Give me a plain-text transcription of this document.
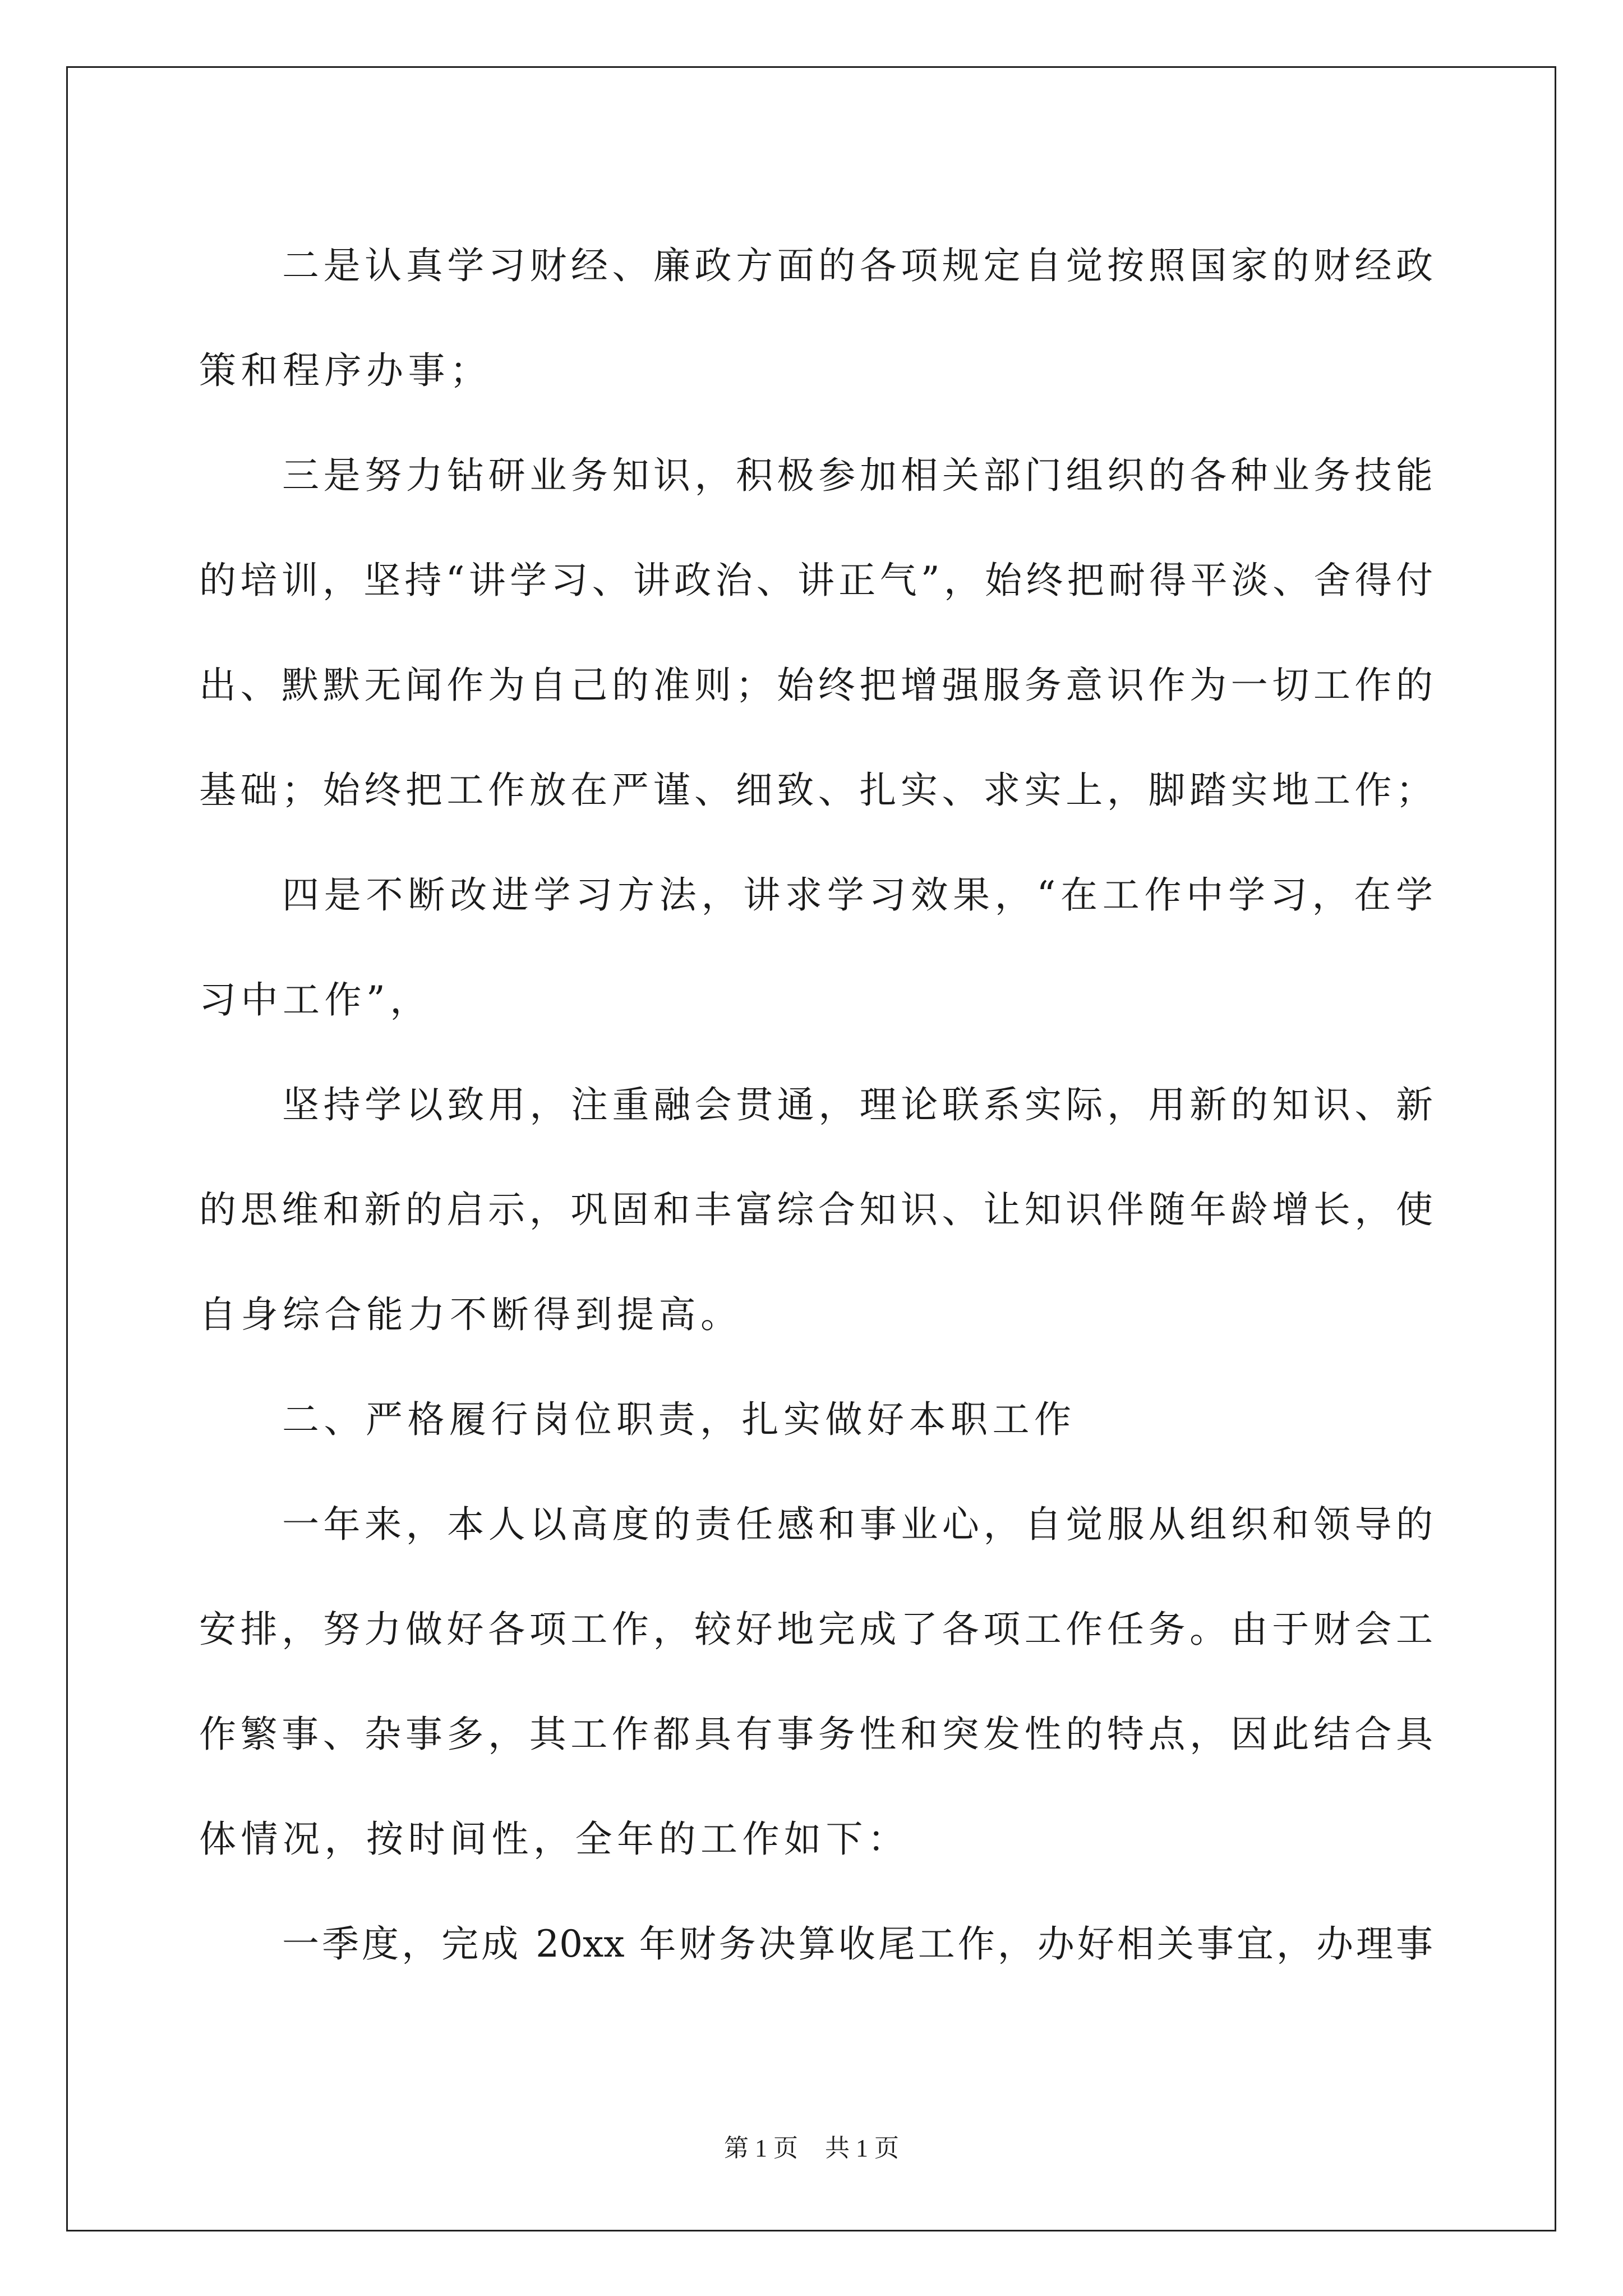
二是认真学习财经、廉政方面的各项规定自觉按照国家的财经政
策和程序办事；
三是努力钻研业务知识，积极参加相关部门组织的各种业务技能
的培训，坚持“讲学习、讲政治、讲正气”，始终把耐得平淡、舍得付
出、默默无闻作为自己的准则；始终把增强服务意识作为一切工作的
基础；始终把工作放在严谨、细致、扎实、求实上，脚踏实地工作；
四是不断改进学习方法，讲求学习效果，“在工作中学习，在学
习中工作”，
坚持学以致用，注重融会贯通，理论联系实际，用新的知识、新
的思维和新的启示，巩固和丰富综合知识、让知识伴随年龄增长，使
自身综合能力不断得到提高。
二、严格履行岗位职责，扎实做好本职工作
一年来，本人以高度的责任感和事业心，自觉服从组织和领导的
安排，努力做好各项工作，较好地完成了各项工作任务。由于财会工
作繁事、杂事多，其工作都具有事务性和突发性的特点，因此结合具
体情况，按时间性，全年的工作如下：
一季度，完成 20xx 年财务决算收尾工作，办好相关事宜，办理事
第 1 页 共 1 页
